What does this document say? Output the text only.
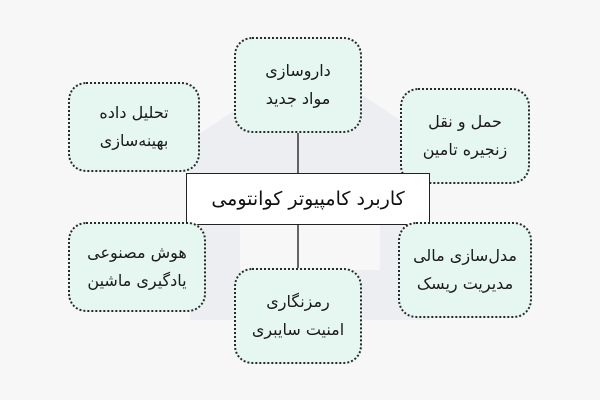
داروسازی
مواد جدید
تحلیل داده
بهینه‌سازی
حمل و نقل
زنجیره تامین
کاربرد کامپیوتر کوانتومی
هوش مصنوعی
یادگیری ماشین
رمزنگاری
امنیت سایبری
مدل‌سازی مالی
مدیریت ریسک
